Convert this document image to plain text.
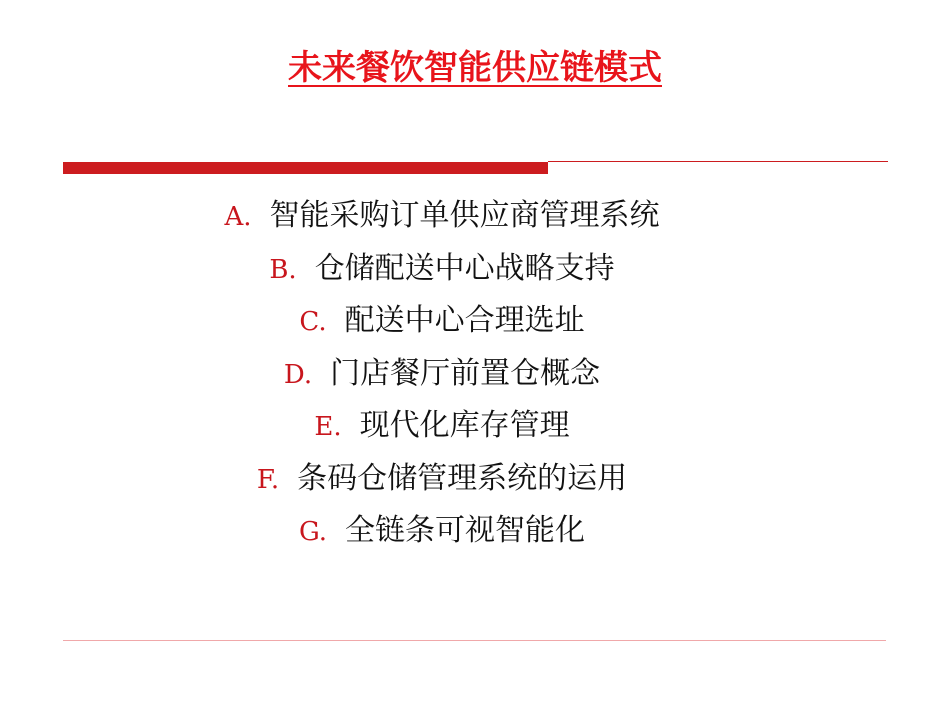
未来餐饮智能供应链模式
A. 智能采购订单供应商管理系统
B. 仓储配送中心战略支持
C. 配送中心合理选址
D. 门店餐厅前置仓概念
E. 现代化库存管理
F. 条码仓储管理系统的运用
G. 全链条可视智能化
